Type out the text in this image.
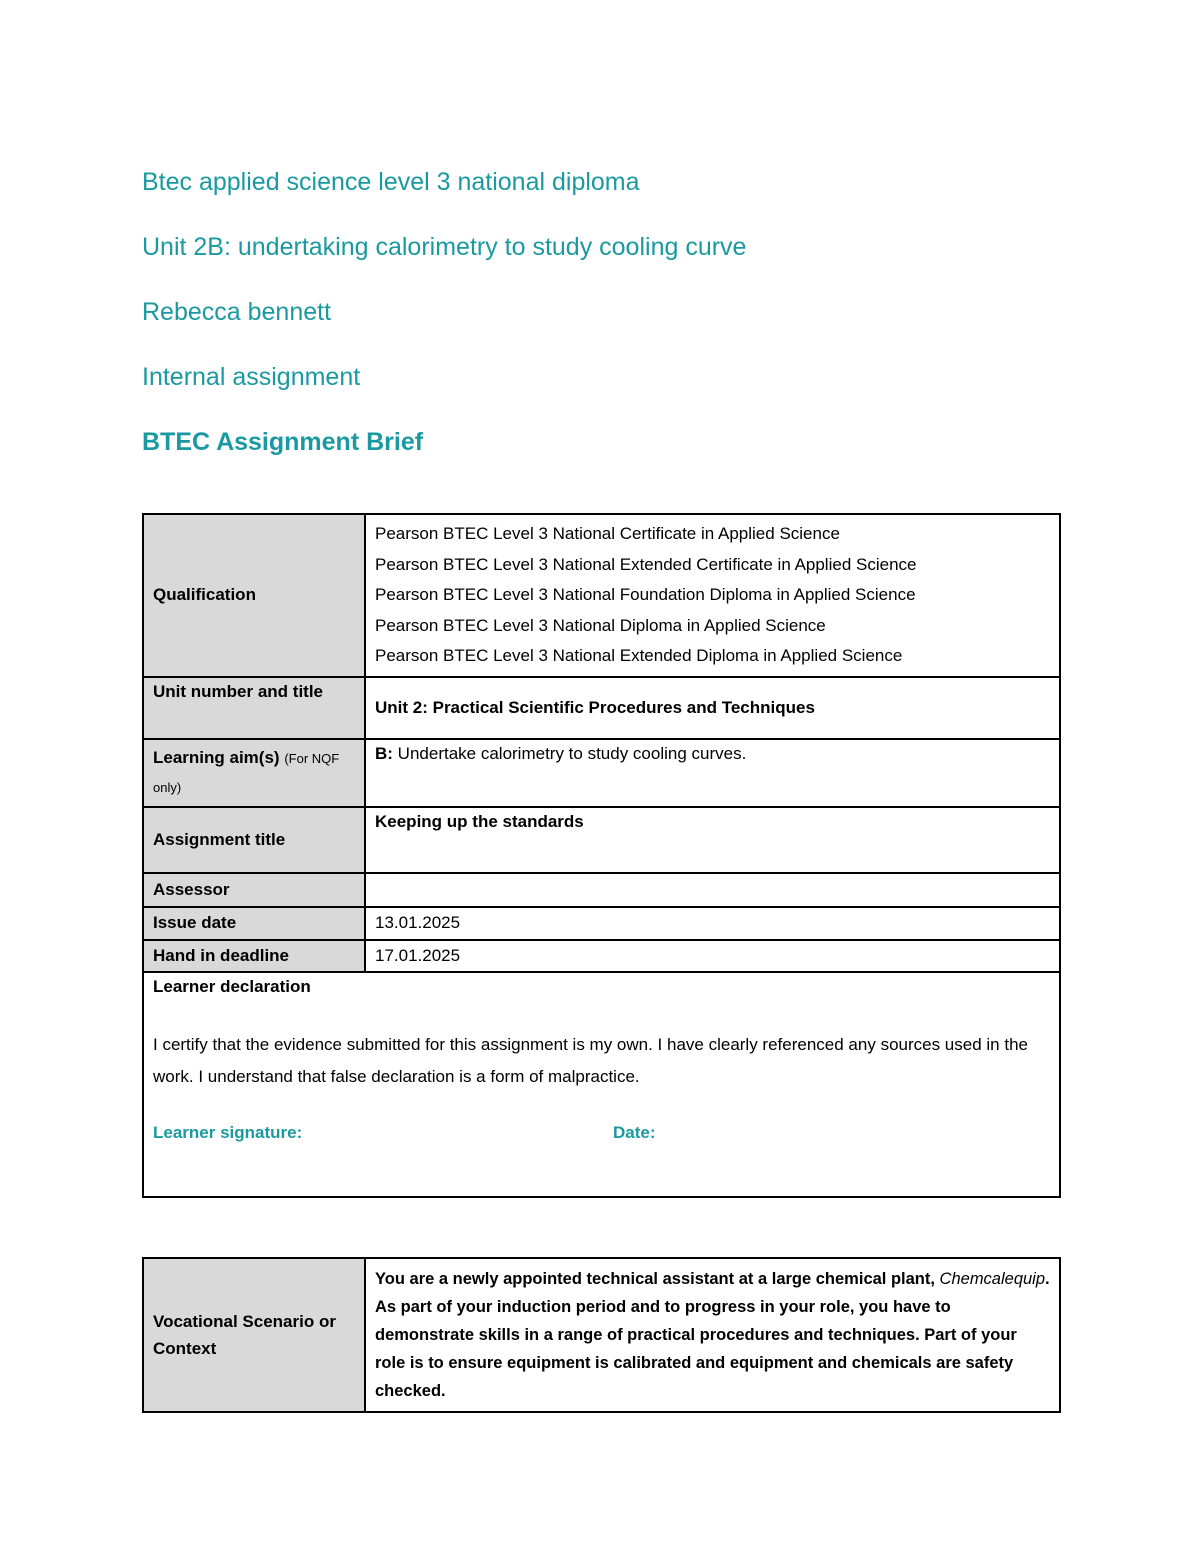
Btec applied science level 3 national diploma
Unit 2B: undertaking calorimetry to study cooling curve
Rebecca bennett
Internal assignment
BTEC Assignment Brief
Qualification	Pearson BTEC Level 3 National Certificate in Applied Science
Pearson BTEC Level 3 National Extended Certificate in Applied Science
Pearson BTEC Level 3 National Foundation Diploma in Applied Science
Pearson BTEC Level 3 National Diploma in Applied Science
Pearson BTEC Level 3 National Extended Diploma in Applied Science

Unit number and title	Unit 2: Practical Scientific Procedures and Techniques
Learning aim(s) (For NQF only)	B: Undertake calorimetry to study cooling curves.
Assignment title	Keeping up the standards
Assessor	
Issue date	13.01.2025
Hand in deadline	17.01.2025

Learner declaration
I certify that the evidence submitted for this assignment is my own. I have clearly referenced any sources used in the work. I understand that false declaration is a form of malpractice.
Learner signature: Date:	
Vocational Scenario or Context	You are a newly appointed technical assistant at a large chemical plant, Chemcalequip. As part of your induction period and to progress in your role, you have to demonstrate skills in a range of practical procedures and techniques. Part of your role is to ensure equipment is calibrated and equipment and chemicals are safety checked.
